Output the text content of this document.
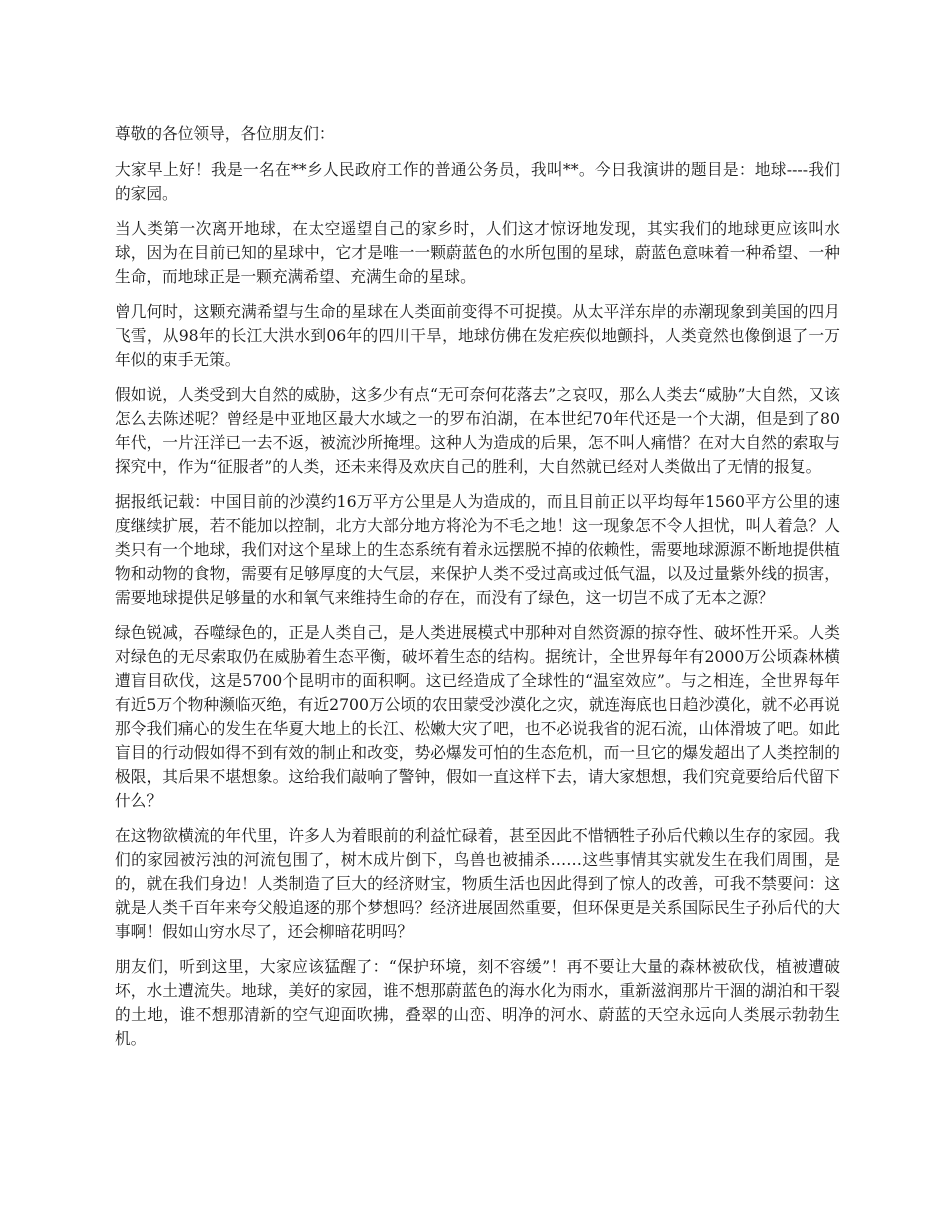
尊敬的各位领导，各位朋友们：

大家早上好！我是一名在**乡人民政府工作的普通公务员，我叫**。今日我演讲的题目是：地球----我们的家园。

当人类第一次离开地球，在太空遥望自己的家乡时，人们这才惊讶地发现，其实我们的地球更应该叫水球，因为在目前已知的星球中，它才是唯一一颗蔚蓝色的水所包围的星球，蔚蓝色意味着一种希望、一种生命，而地球正是一颗充满希望、充满生命的星球。

曾几何时，这颗充满希望与生命的星球在人类面前变得不可捉摸。从太平洋东岸的赤潮现象到美国的四月飞雪，从98年的长江大洪水到06年的四川干旱，地球仿佛在发疟疾似地颤抖，人类竟然也像倒退了一万年似的束手无策。

假如说，人类受到大自然的威胁，这多少有点“无可奈何花落去”之哀叹，那么人类去“威胁”大自然，又该怎么去陈述呢？曾经是中亚地区最大水域之一的罗布泊湖，在本世纪70年代还是一个大湖，但是到了80年代，一片汪洋已一去不返，被流沙所掩埋。这种人为造成的后果，怎不叫人痛惜？在对大自然的索取与探究中，作为“征服者”的人类，还未来得及欢庆自己的胜利，大自然就已经对人类做出了无情的报复。

据报纸记载：中国目前的沙漠约16万平方公里是人为造成的，而且目前正以平均每年1560平方公里的速度继续扩展，若不能加以控制，北方大部分地方将沦为不毛之地！这一现象怎不令人担忧，叫人着急？人类只有一个地球，我们对这个星球上的生态系统有着永远摆脱不掉的依赖性，需要地球源源不断地提供植物和动物的食物，需要有足够厚度的大气层，来保护人类不受过高或过低气温，以及过量紫外线的损害，需要地球提供足够量的水和氧气来维持生命的存在，而没有了绿色，这一切岂不成了无本之源？

绿色锐减，吞噬绿色的，正是人类自己，是人类进展模式中那种对自然资源的掠夺性、破坏性开采。人类对绿色的无尽索取仍在威胁着生态平衡，破坏着生态的结构。据统计，全世界每年有2000万公顷森林横遭盲目砍伐，这是5700个昆明市的面积啊。这已经造成了全球性的“温室效应”。与之相连，全世界每年有近5万个物种濒临灭绝，有近2700万公顷的农田蒙受沙漠化之灾，就连海底也日趋沙漠化，就不必再说那令我们痛心的发生在华夏大地上的长江、松嫩大灾了吧，也不必说我省的泥石流，山体滑坡了吧。如此盲目的行动假如得不到有效的制止和改变，势必爆发可怕的生态危机，而一旦它的爆发超出了人类控制的极限，其后果不堪想象。这给我们敲响了警钟，假如一直这样下去，请大家想想，我们究竟要给后代留下什么？

在这物欲横流的年代里，许多人为着眼前的利益忙碌着，甚至因此不惜牺牲子孙后代赖以生存的家园。我们的家园被污浊的河流包围了，树木成片倒下，鸟兽也被捕杀……这些事情其实就发生在我们周围，是的，就在我们身边！人类制造了巨大的经济财宝，物质生活也因此得到了惊人的改善，可我不禁要问：这就是人类千百年来夸父般追逐的那个梦想吗？经济进展固然重要，但环保更是关系国际民生子孙后代的大事啊！假如山穷水尽了，还会柳暗花明吗？

朋友们，听到这里，大家应该猛醒了：“保护环境，刻不容缓”！再不要让大量的森林被砍伐，植被遭破坏，水土遭流失。地球，美好的家园，谁不想那蔚蓝色的海水化为雨水，重新滋润那片干涸的湖泊和干裂的土地，谁不想那清新的空气迎面吹拂，叠翠的山峦、明净的河水、蔚蓝的天空永远向人类展示勃勃生机。
